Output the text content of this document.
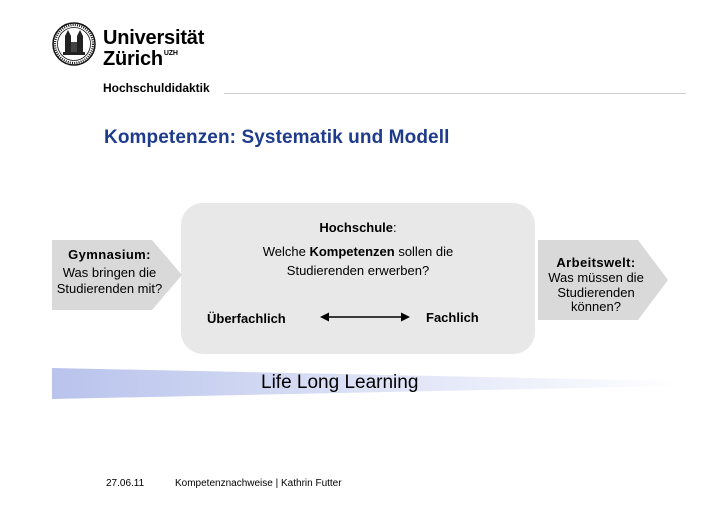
Universität
Zürich$^{UZH}$
Hochschuldidaktik
Kompetenzen: Systematik und Modell
Hochschule:
Welche Kompetenzen sollen die
Studierenden erwerben?
Überfachlich	Fachlich
Gymnasium:
Was bringen die
Studierenden mit?
Arbeitswelt:
Was müssen die
Studierenden
können?
Life Long Learning
27.06.11	Kompetenznachweise | Kathrin Futter
